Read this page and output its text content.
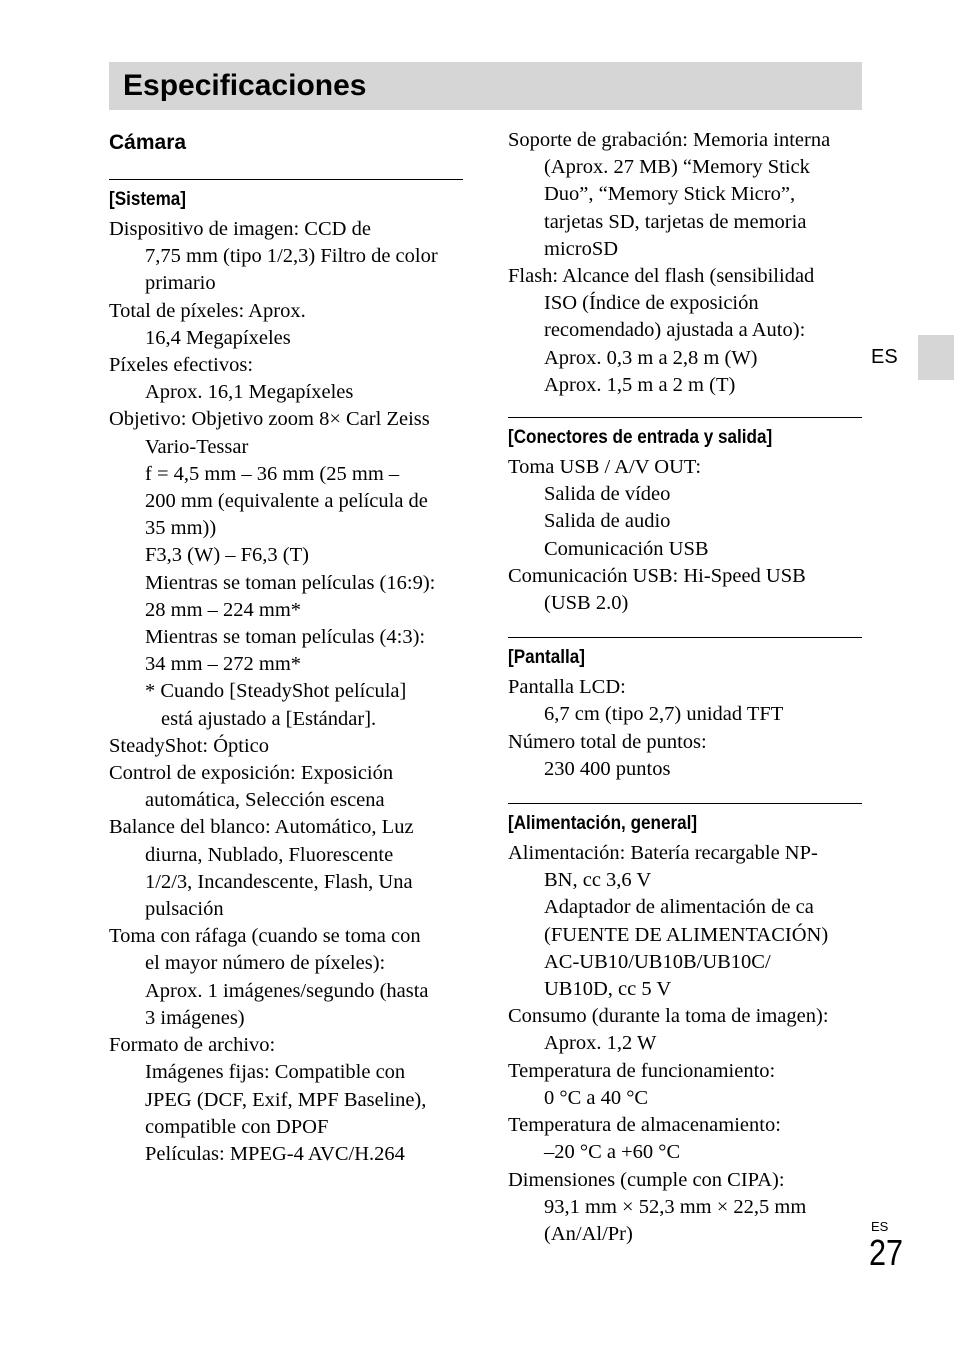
Especificaciones
ES
Cámara
[Sistema]
Dispositivo de imagen: CCD de
7,75 mm (tipo 1/2,3) Filtro de color
primario
Total de píxeles: Aprox.
16,4 Megapíxeles
Píxeles efectivos:
Aprox. 16,1 Megapíxeles
Objetivo: Objetivo zoom 8× Carl Zeiss
Vario-Tessar
f = 4,5 mm – 36 mm (25 mm –
200 mm (equivalente a película de
35 mm))
F3,3 (W) – F6,3 (T)
Mientras se toman películas (16:9):
28 mm – 224 mm*
Mientras se toman películas (4:3):
34 mm – 272 mm*
* Cuando [SteadyShot película]
está ajustado a [Estándar].
SteadyShot: Óptico
Control de exposición: Exposición
automática, Selección escena
Balance del blanco: Automático, Luz
diurna, Nublado, Fluorescente
1/2/3, Incandescente, Flash, Una
pulsación
Toma con ráfaga (cuando se toma con
el mayor número de píxeles):
Aprox. 1 imágenes/segundo (hasta
3 imágenes)
Formato de archivo:
Imágenes fijas: Compatible con
JPEG (DCF, Exif, MPF Baseline),
compatible con DPOF
Películas: MPEG-4 AVC/H.264
Soporte de grabación: Memoria interna
(Aprox. 27 MB) “Memory Stick
Duo”, “Memory Stick Micro”,
tarjetas SD, tarjetas de memoria
microSD
Flash: Alcance del flash (sensibilidad
ISO (Índice de exposición
recomendado) ajustada a Auto):
Aprox. 0,3 m a 2,8 m (W)
Aprox. 1,5 m a 2 m (T)
[Conectores de entrada y salida]
Toma USB / A/V OUT:
Salida de vídeo
Salida de audio
Comunicación USB
Comunicación USB: Hi-Speed USB
(USB 2.0)
[Pantalla]
Pantalla LCD:
6,7 cm (tipo 2,7) unidad TFT
Número total de puntos:
230 400 puntos
[Alimentación, general]
Alimentación: Batería recargable NP-
BN, cc 3,6 V
Adaptador de alimentación de ca
(FUENTE DE ALIMENTACIÓN)
AC-UB10/UB10B/UB10C/
UB10D, cc 5 V
Consumo (durante la toma de imagen):
Aprox. 1,2 W
Temperatura de funcionamiento:
0 °C a 40 °C
Temperatura de almacenamiento:
–20 °C a +60 °C
Dimensiones (cumple con CIPA):
93,1 mm × 52,3 mm × 22,5 mm
(An/Al/Pr)	ES
27
